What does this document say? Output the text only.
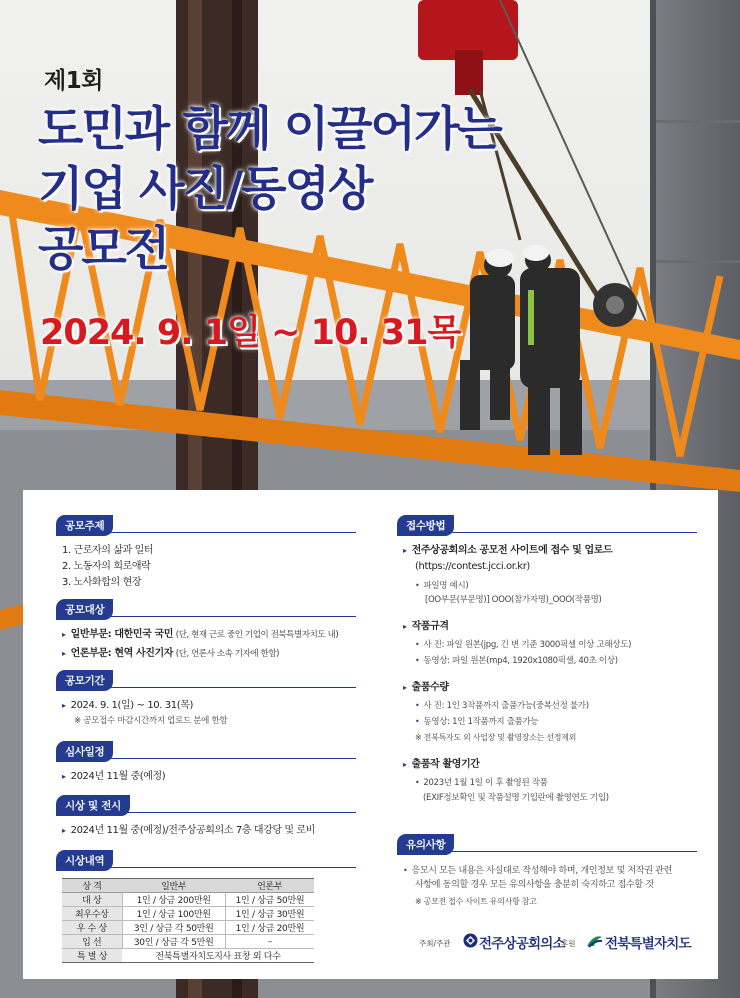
제1회
도민과 함께 이끌어가는
기업 사진/동영상
공모전
2024. 9. 1일 ~ 10. 31목
공모주제
1. 근로자의 삶과 일터
2. 노동자의 희로애락
3. 노사화합의 현장
공모대상
▸ 일반부문: 대한민국 국민 (단, 현재 근로 중인 기업이 전북특별자치도 내)
▸ 언론부문: 현역 사진기자 (단, 언론사 소속 기자에 한함)
공모기간
▸ 2024. 9. 1(일) ~ 10. 31(목)
※ 공모접수 마감시간까지 업로드 분에 한함
심사일정
▸ 2024년 11월 중(예정)
시상 및 전시
▸ 2024년 11월 중(예정)/전주상공회의소 7층 대강당 및 로비
시상내역
상 격	일반부	언론부
대 상	1인 / 상금 200만원	1인 / 상금 50만원
최우수상	1인 / 상금 100만원	1인 / 상금 30만원
우 수 상	3인 / 상금 각 50만원	1인 / 상금 20만원
입 선	30인 / 상금 각 5만원	–
특 별 상	전북특별자치도지사 표창 외 다수	
접수방법
▸ 전주상공회의소 공모전 사이트에 접수 및 업로드
(https://contest.jcci.or.kr)
• 파일명 예시)
[OO부문(부문명)] OOO(참가자명)_OOO(작품명)
▸ 작품규격
• 사 진: 파일 원본(jpg, 긴 변 기준 3000픽셀 이상 고해상도)
• 동영상: 파일 원본(mp4, 1920x1080픽셀, 40초 이상)
▸ 출품수량
• 사 진: 1인 3작품까지 출품가능(중복선정 불가)
• 동영상: 1인 1작품까지 출품가능
※ 전북특자도 외 사업장 및 촬영장소는 선정제외
▸ 출품작 촬영기간
• 2023년 1월 1일 이 후 촬영된 작품
(EXIF정보확인 및 작품설명 기입란에 촬영연도 기입)
유의사항
• 응모시 모든 내용은 사실대로 작성해야 하며, 개인정보 및 저작권 관련
사항에 동의할 경우 모든 유의사항을 충분히 숙지하고 접수할 것
※ 공모전 접수 사이트 유의사항 참고
주최/주관 전주상공회의소
후원 전북특별자치도
